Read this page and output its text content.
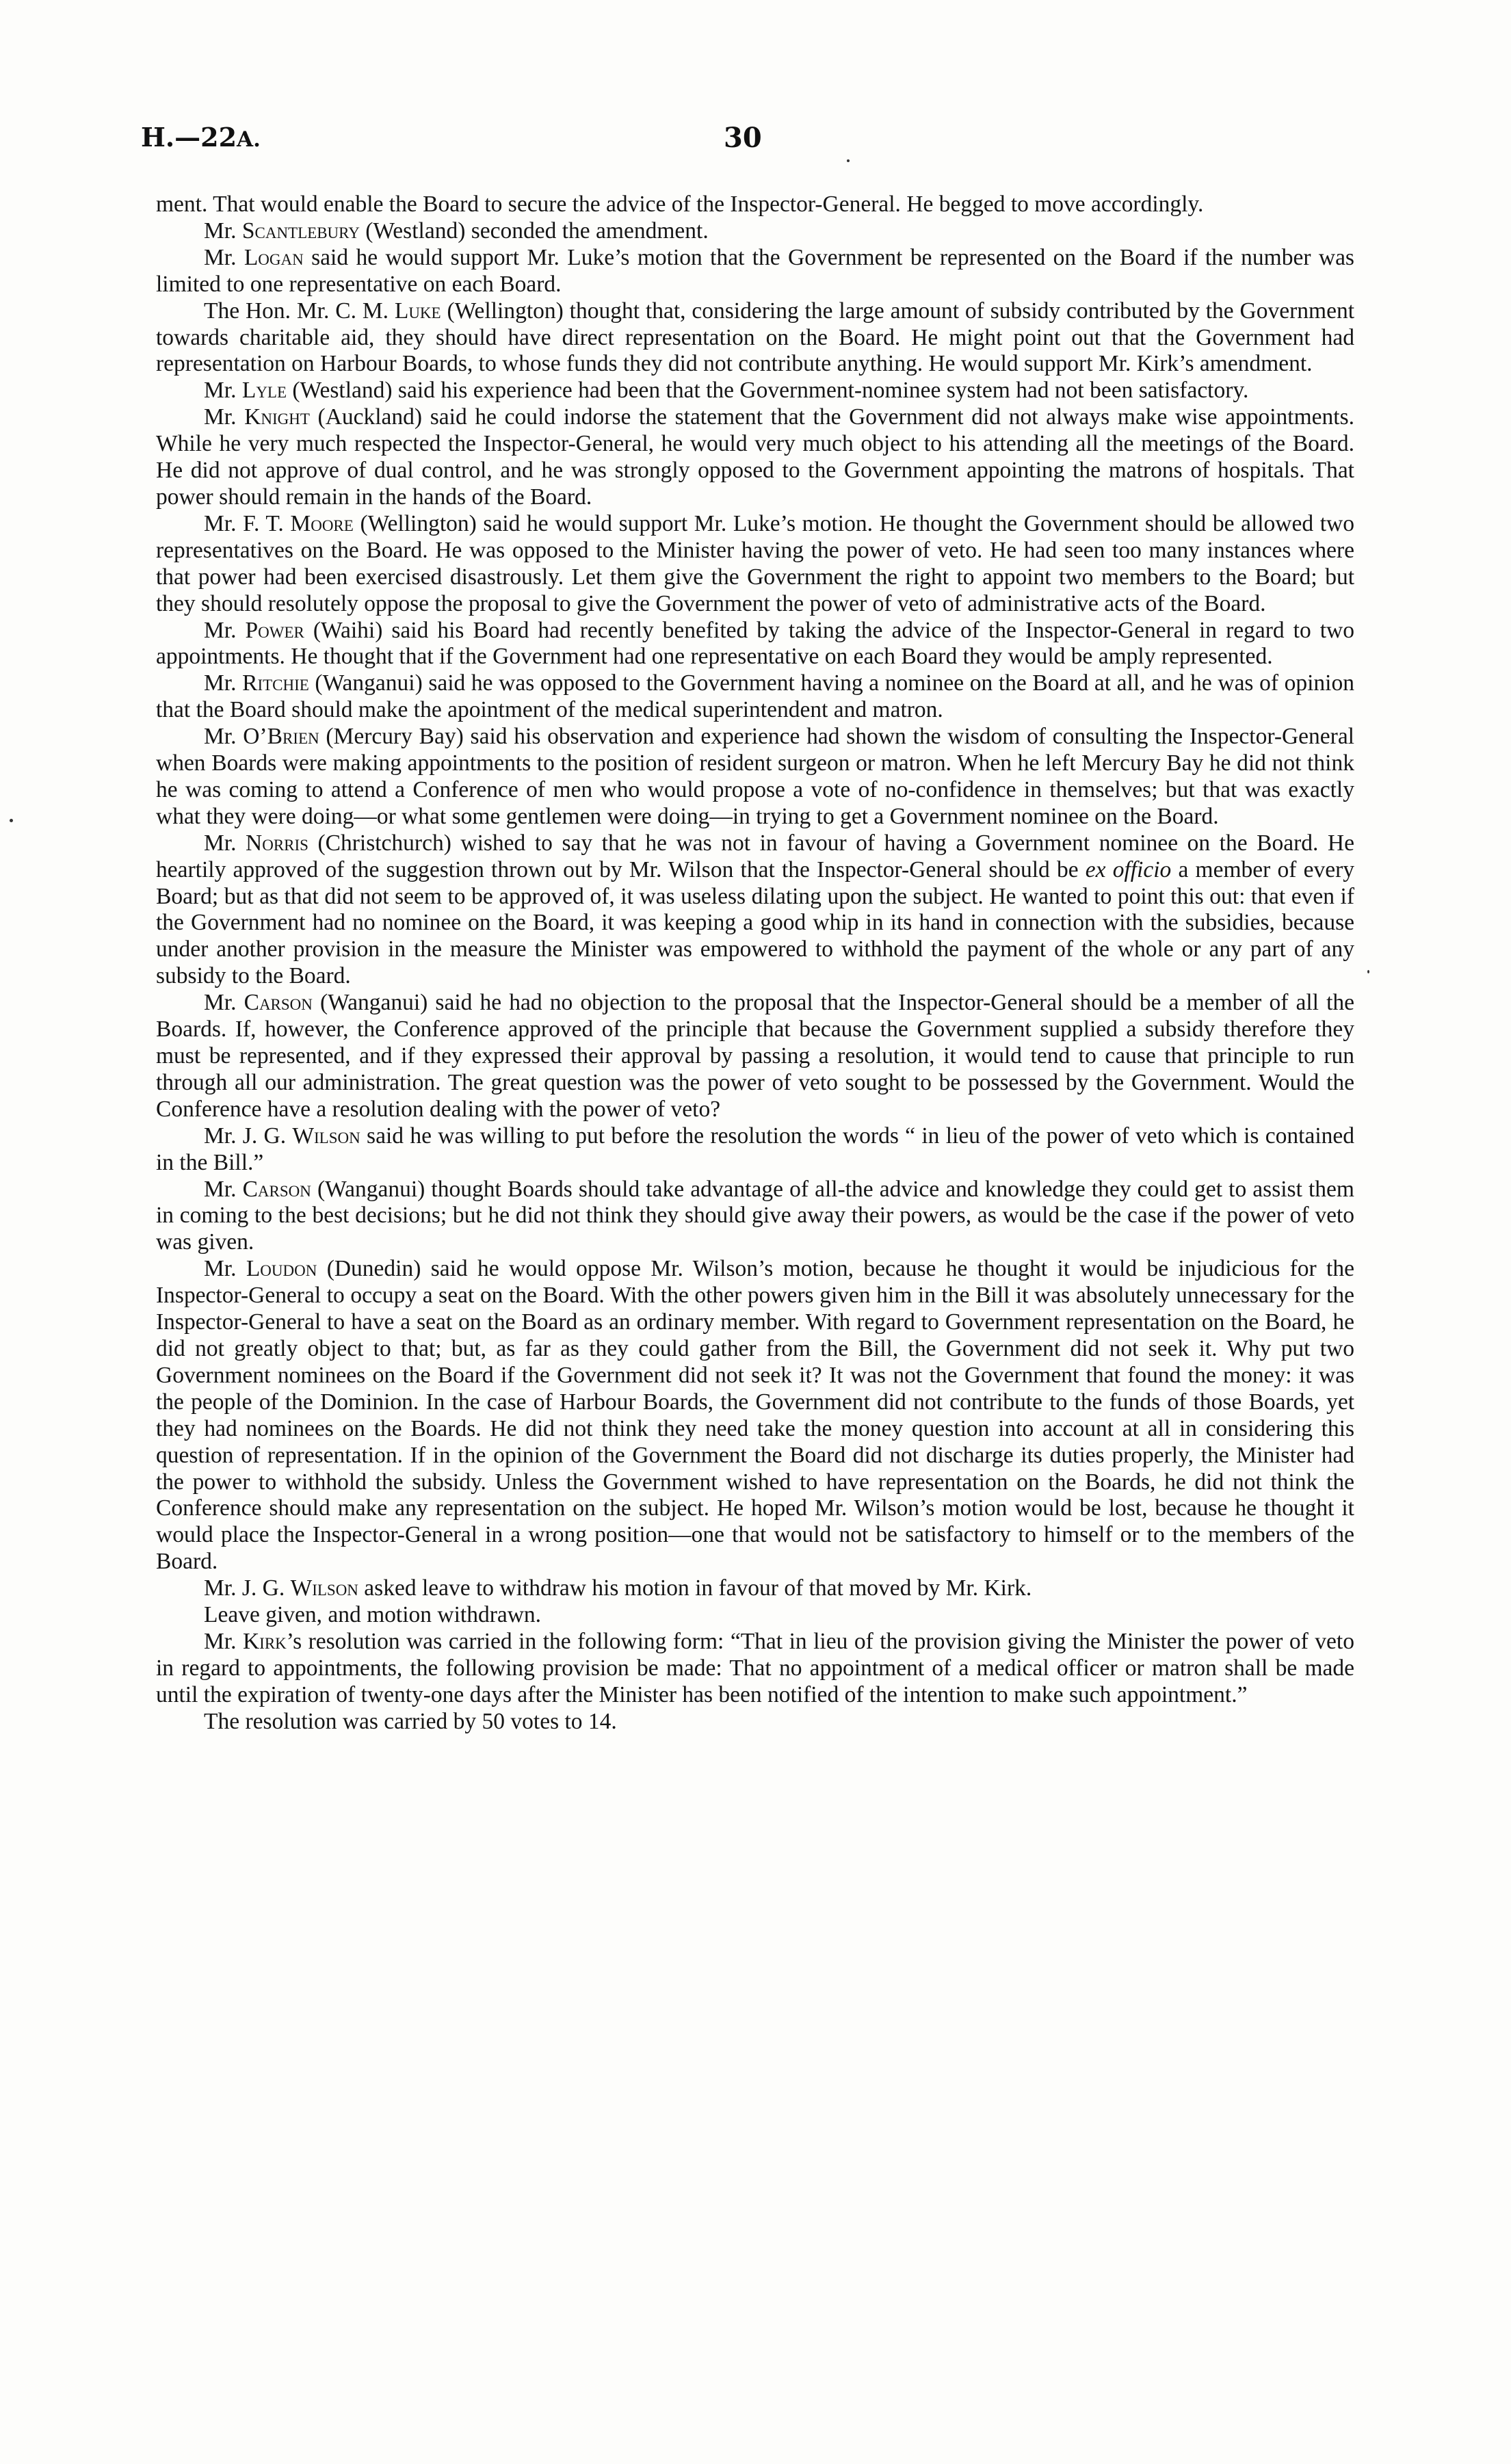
H.—22A.	30

ment. That would enable the Board to secure the advice of the Inspector-General. He begged to move accordingly.

Mr. Scantlebury (Westland) seconded the amendment.

Mr. Logan said he would support Mr. Luke’s motion that the Government be represented on the Board if the number was limited to one representative on each Board.

The Hon. Mr. C. M. Luke (Wellington) thought that, considering the large amount of subsidy contributed by the Government towards charitable aid, they should have direct representation on the Board. He might point out that the Government had representation on Harbour Boards, to whose funds they did not contribute anything. He would support Mr. Kirk’s amendment.

Mr. Lyle (Westland) said his experience had been that the Government-nominee system had not been satisfactory.

Mr. Knight (Auckland) said he could indorse the statement that the Government did not always make wise appointments. While he very much respected the Inspector-General, he would very much object to his attending all the meetings of the Board. He did not approve of dual control, and he was strongly opposed to the Government appointing the matrons of hospitals. That power should remain in the hands of the Board.

Mr. F. T. Moore (Wellington) said he would support Mr. Luke’s motion. He thought the Government should be allowed two representatives on the Board. He was opposed to the Minister having the power of veto. He had seen too many instances where that power had been exercised disastrously. Let them give the Government the right to appoint two members to the Board; but they should resolutely oppose the proposal to give the Government the power of veto of administrative acts of the Board.

Mr. Power (Waihi) said his Board had recently benefited by taking the advice of the Inspector-General in regard to two appointments. He thought that if the Government had one representative on each Board they would be amply represented.

Mr. Ritchie (Wanganui) said he was opposed to the Government having a nominee on the Board at all, and he was of opinion that the Board should make the apointment of the medical superintendent and matron.

Mr. O’Brien (Mercury Bay) said his observation and experience had shown the wisdom of consulting the Inspector-General when Boards were making appointments to the position of resident surgeon or matron. When he left Mercury Bay he did not think he was coming to attend a Conference of men who would propose a vote of no-confidence in themselves; but that was exactly what they were doing—or what some gentlemen were doing—in trying to get a Government nominee on the Board.

Mr. Norris (Christchurch) wished to say that he was not in favour of having a Government nominee on the Board. He heartily approved of the suggestion thrown out by Mr. Wilson that the Inspector-General should be ex officio a member of every Board; but as that did not seem to be approved of, it was useless dilating upon the subject. He wanted to point this out: that even if the Government had no nominee on the Board, it was keeping a good whip in its hand in connection with the subsidies, because under another provision in the measure the Minister was empowered to withhold the payment of the whole or any part of any subsidy to the Board.

Mr. Carson (Wanganui) said he had no objection to the proposal that the Inspector-General should be a member of all the Boards. If, however, the Conference approved of the principle that because the Government supplied a subsidy therefore they must be represented, and if they expressed their approval by passing a resolution, it would tend to cause that principle to run through all our administration. The great question was the power of veto sought to be possessed by the Government. Would the Conference have a resolution dealing with the power of veto?

Mr. J. G. Wilson said he was willing to put before the resolution the words “ in lieu of the power of veto which is contained in the Bill.”

Mr. Carson (Wanganui) thought Boards should take advantage of all-the advice and knowledge they could get to assist them in coming to the best decisions; but he did not think they should give away their powers, as would be the case if the power of veto was given.

Mr. Loudon (Dunedin) said he would oppose Mr. Wilson’s motion, because he thought it would be injudicious for the Inspector-General to occupy a seat on the Board. With the other powers given him in the Bill it was absolutely unnecessary for the Inspector-General to have a seat on the Board as an ordinary member. With regard to Government representation on the Board, he did not greatly object to that; but, as far as they could gather from the Bill, the Government did not seek it. Why put two Government nominees on the Board if the Government did not seek it? It was not the Government that found the money: it was the people of the Dominion. In the case of Harbour Boards, the Government did not contribute to the funds of those Boards, yet they had nominees on the Boards. He did not think they need take the money question into account at all in considering this question of representation. If in the opinion of the Government the Board did not discharge its duties properly, the Minister had the power to withhold the subsidy. Unless the Government wished to have representation on the Boards, he did not think the Conference should make any representation on the subject. He hoped Mr. Wilson’s motion would be lost, because he thought it would place the Inspector-General in a wrong position—one that would not be satisfactory to himself or to the members of the Board.

Mr. J. G. Wilson asked leave to withdraw his motion in favour of that moved by Mr. Kirk.

Leave given, and motion withdrawn.

Mr. Kirk’s resolution was carried in the following form: “That in lieu of the provision giving the Minister the power of veto in regard to appointments, the following provision be made: That no appointment of a medical officer or matron shall be made until the expiration of twenty-one days after the Minister has been notified of the intention to make such appointment.”

The resolution was carried by 50 votes to 14.
